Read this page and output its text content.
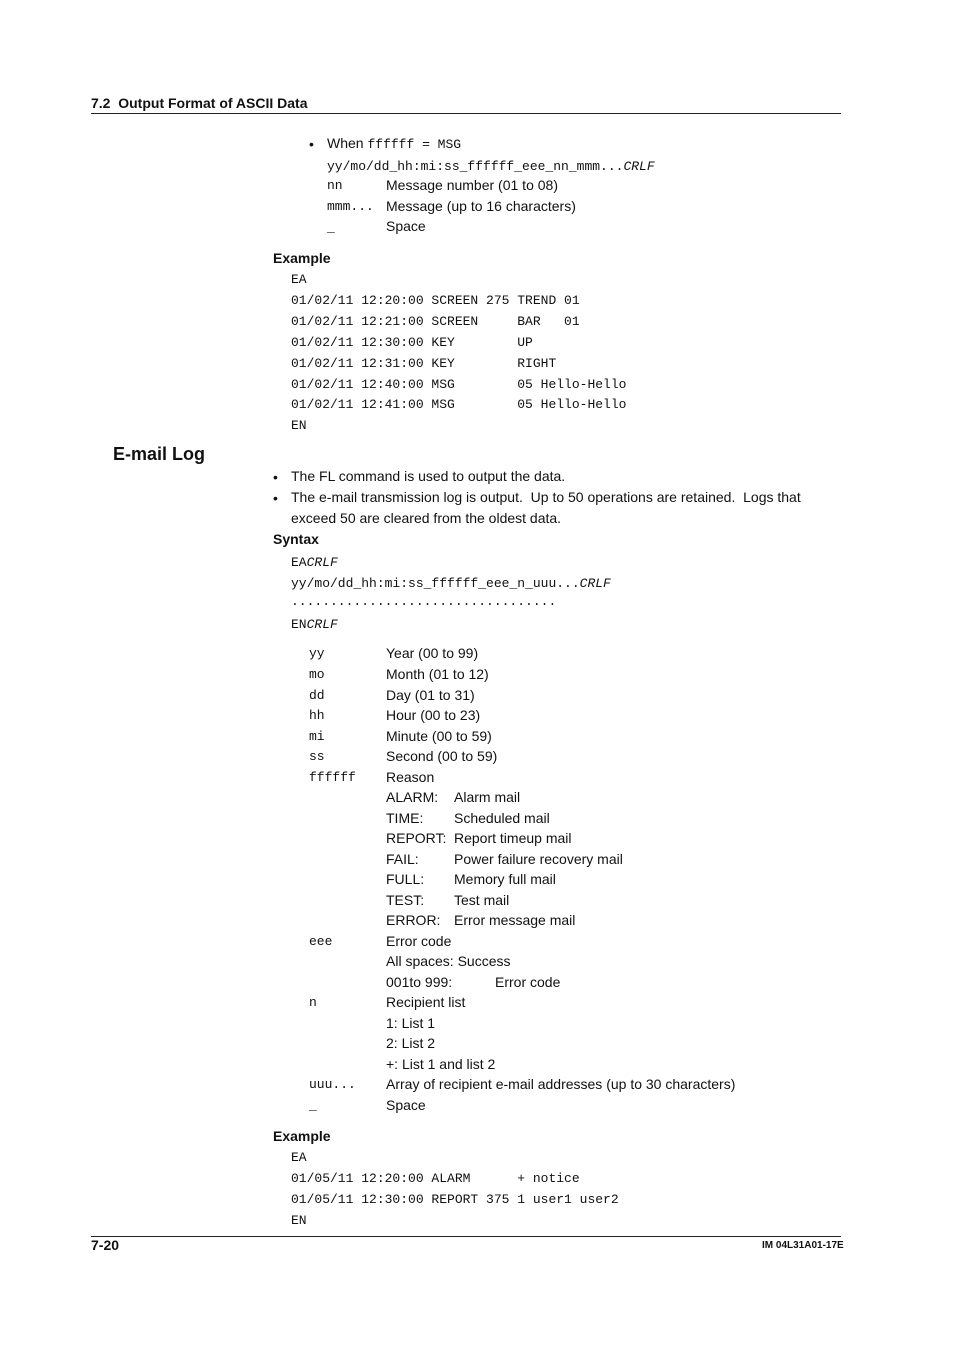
7.2  Output Format of ASCII Data
• When ffffff = MSG
yy/mo/dd_hh:mi:ss_ffffff_eee_nn_mmm...CRLF
nn	Message number (01 to 08)
mmm... Message (up to 16 characters)
_	Space
Example
EA
01/02/11 12:20:00 SCREEN 275 TREND 01
01/02/11 12:21:00 SCREEN     BAR   01
01/02/11 12:30:00 KEY        UP
01/02/11 12:31:00 KEY        RIGHT
01/02/11 12:40:00 MSG        05 Hello-Hello
01/02/11 12:41:00 MSG        05 Hello-Hello
EN
E-mail Log
• The FL command is used to output the data.
• The e-mail transmission log is output.  Up to 50 operations are retained.  Logs that
exceed 50 are cleared from the oldest data.
Syntax
EACRLF
yy/mo/dd_hh:mi:ss_ffffff_eee_n_uuu...CRLF
..................................
ENCRLF
yy	Year (00 to 99)
mo	Month (01 to 12)
dd	Day (01 to 31)
hh	Hour (00 to 23)
mi	Minute (00 to 59)
ss	Second (00 to 59)
ffffff Reason
ALARM: Alarm mail
TIME: Scheduled mail
REPORT: Report timeup mail
FAIL:	Power failure recovery mail
FULL: Memory full mail
TEST: Test mail
ERROR: Error message mail
eee	Error code
All spaces: Success
001to 999:	Error code
n	Recipient list
1: List 1
2: List 2
+: List 1 and list 2
uuu... Array of recipient e-mail addresses (up to 30 characters)
_	Space
Example
EA
01/05/11 12:20:00 ALARM      + notice
01/05/11 12:30:00 REPORT 375 1 user1 user2
EN
7-20	IM 04L31A01-17E
